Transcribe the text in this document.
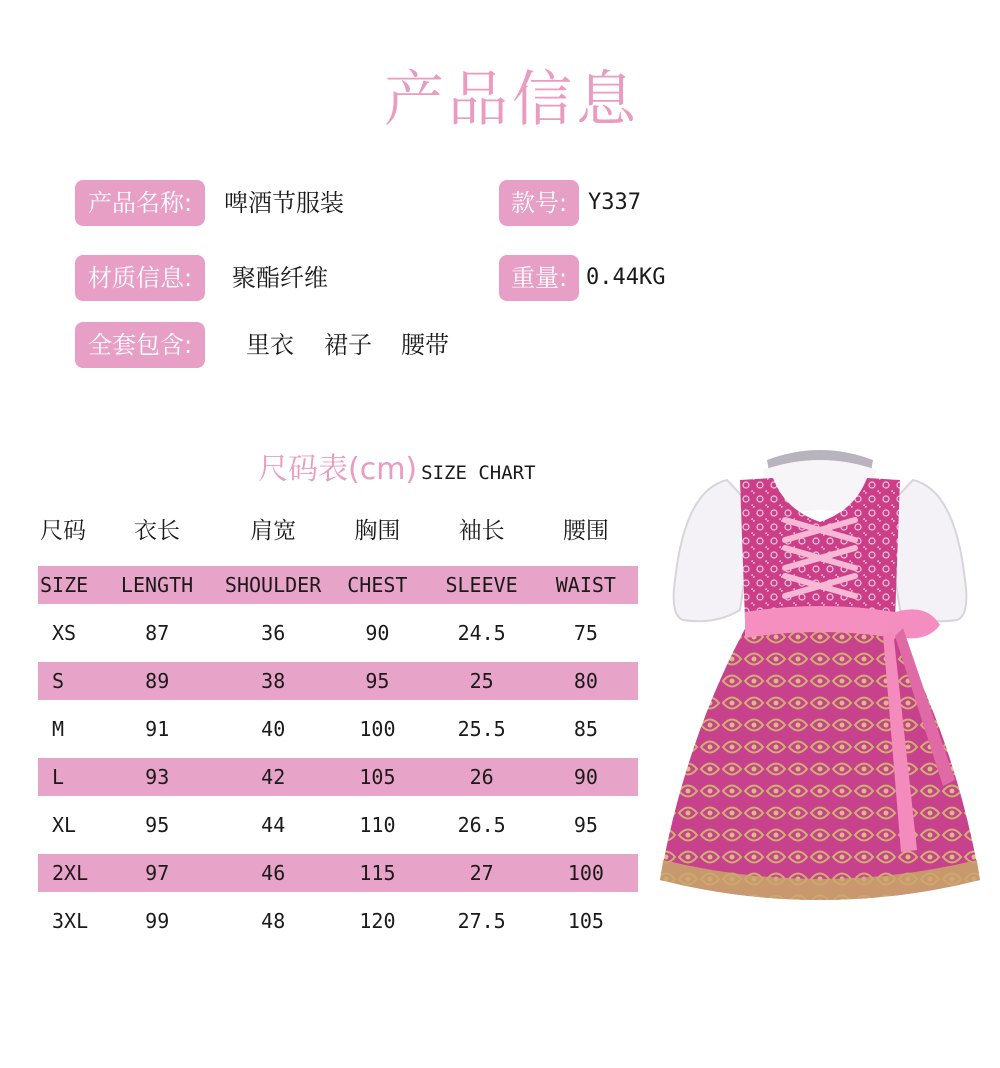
产品信息
产品名称:	啤酒节服装	款号: Y337
材质信息:	聚酯纤维	重量: 0.44KG
全套包含:	里衣 裙子 腰带
尺码表(cm) SIZE CHART
尺码	衣长	肩宽	胸围	袖长	腰围
SIZE	LENGTH	SHOULDER	CHEST	SLEEVE	WAIST
XS	87	36	90	24.5	75
S	89	38	95	25	80
M	91	40	100	25.5	85
L	93	42	105	26	90
XL	95	44	110	26.5	95
2XL	97	46	115	27	100
3XL	99	48	120	27.5	105
